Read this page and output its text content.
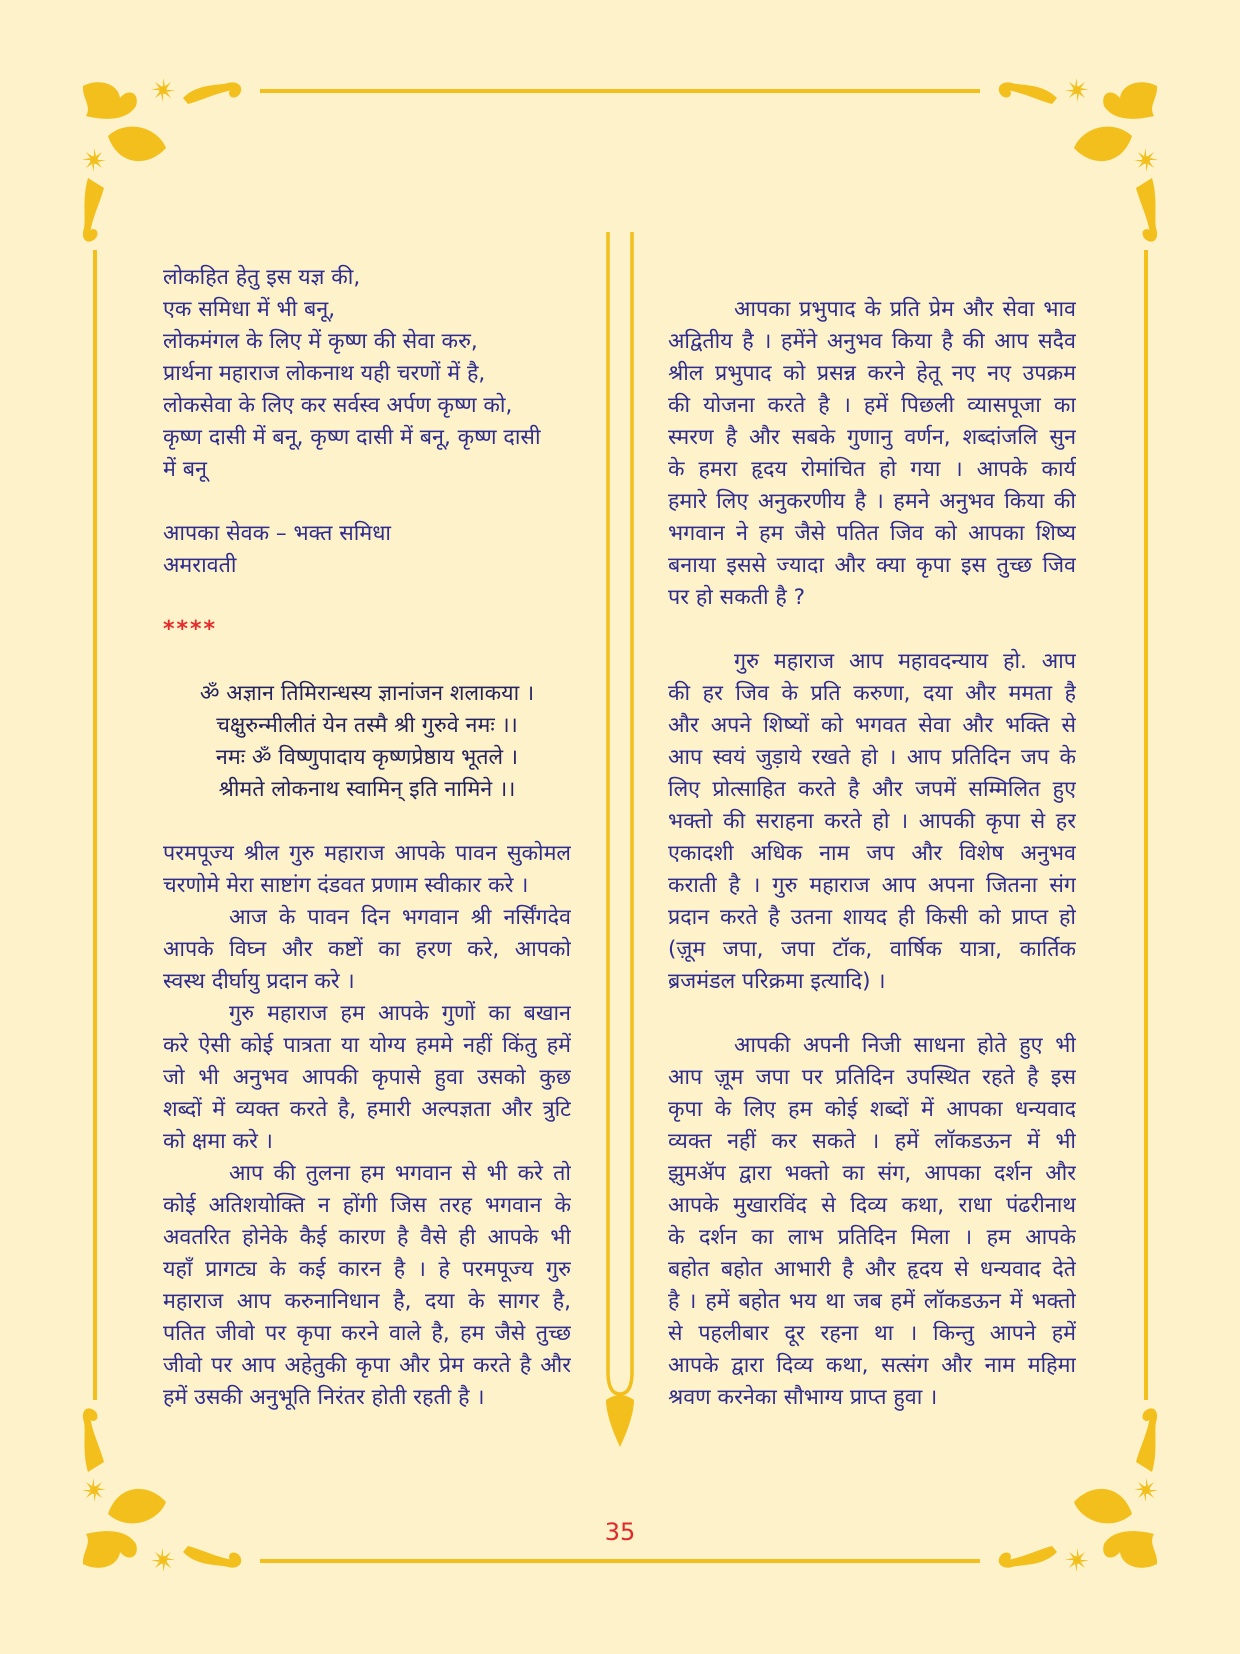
लोकहित हेतु इस यज्ञ की,
एक समिधा में भी बनू,
लोकमंगल के लिए में कृष्ण की सेवा करु,
प्रार्थना महाराज लोकनाथ यही चरणों में है,
लोकसेवा के लिए कर सर्वस्व अर्पण कृष्ण को,
कृष्ण दासी में बनू, कृष्ण दासी में बनू, कृष्ण दासी
में बनू
आपका सेवक – भक्त समिधा
अमरावती
****
ॐ अज्ञान तिमिरान्धस्य ज्ञानांजन शलाकया ।
चक्षुरुन्मीलीतं येन तस्मै श्री गुरुवे नमः ।।
नमः ॐ विष्णुपादाय कृष्णप्रेष्ठाय भूतले ।
श्रीमते लोकनाथ स्वामिन् इति नामिने ।।
परमपूज्य श्रील गुरु महाराज आपके पावन सुकोमल
चरणोमे मेरा साष्टांग दंडवत प्रणाम स्वीकार करे ।
आज के पावन दिन भगवान श्री नर्सिंगदेव
आपके विघ्न और कष्टों का हरण करे, आपको
स्वस्थ दीर्घायु प्रदान करे ।
गुरु महाराज हम आपके गुणों का बखान
करे ऐसी कोई पात्रता या योग्य हममे नहीं किंतु हमें
जो भी अनुभव आपकी कृपासे हुवा उसको कुछ
शब्दों में व्यक्त करते है, हमारी अल्पज्ञता और त्रुटि
को क्षमा करे ।
आप की तुलना हम भगवान से भी करे तो
कोई अतिशयोक्ति न होंगी जिस तरह भगवान के
अवतरित होनेके कैई कारण है वैसे ही आपके भी
यहाँ प्रागट्य के कई कारन है । हे परमपूज्य गुरु
महाराज आप करुनानिधान है, दया के सागर है,
पतित जीवो पर कृपा करने वाले है, हम जैसे तुच्छ
जीवो पर आप अहेतुकी कृपा और प्रेम करते है और
हमें उसकी अनुभूति निरंतर होती रहती है ।
आपका प्रभुपाद के प्रति प्रेम और सेवा भाव
अद्वितीय है । हमेंने अनुभव किया है की आप सदैव
श्रील प्रभुपाद को प्रसन्न करने हेतू नए नए उपक्रम
की योजना करते है । हमें पिछली व्यासपूजा का
स्मरण है और सबके गुणानु वर्णन, शब्दांजलि सुन
के हमरा हृदय रोमांचित हो गया । आपके कार्य
हमारे लिए अनुकरणीय है । हमने अनुभव किया की
भगवान ने हम जैसे पतित जिव को आपका शिष्य
बनाया इससे ज्यादा और क्या कृपा इस तुच्छ जिव
पर हो सकती है ?
गुरु महाराज आप महावदन्याय हो. आप
की हर जिव के प्रति करुणा, दया और ममता है
और अपने शिष्यों को भगवत सेवा और भक्ति से
आप स्वयं जुड़ाये रखते हो । आप प्रतिदिन जप के
लिए प्रोत्साहित करते है और जपमें सम्मिलित हुए
भक्तो की सराहना करते हो । आपकी कृपा से हर
एकादशी अधिक नाम जप और विशेष अनुभव
कराती है । गुरु महाराज आप अपना जितना संग
प्रदान करते है उतना शायद ही किसी को प्राप्त हो
(ज़ूम जपा, जपा टॉक, वार्षिक यात्रा, कार्तिक
ब्रजमंडल परिक्रमा इत्यादि) ।
आपकी अपनी निजी साधना होते हुए भी
आप ज़ूम जपा पर प्रतिदिन उपस्थित रहते है इस
कृपा के लिए हम कोई शब्दों में आपका धन्यवाद
व्यक्त नहीं कर सकते । हमें लॉकडऊन में भी
झुमॲप द्वारा भक्तो का संग, आपका दर्शन और
आपके मुखारविंद से दिव्य कथा, राधा पंढरीनाथ
के दर्शन का लाभ प्रतिदिन मिला । हम आपके
बहोत बहोत आभारी है और हृदय से धन्यवाद देते
है । हमें बहोत भय था जब हमें लॉकडऊन में भक्तो
से पहलीबार दूर रहना था । किन्तु आपने हमें
आपके द्वारा दिव्य कथा, सत्संग और नाम महिमा
श्रवण करनेका सौभाग्य प्राप्त हुवा ।
35
